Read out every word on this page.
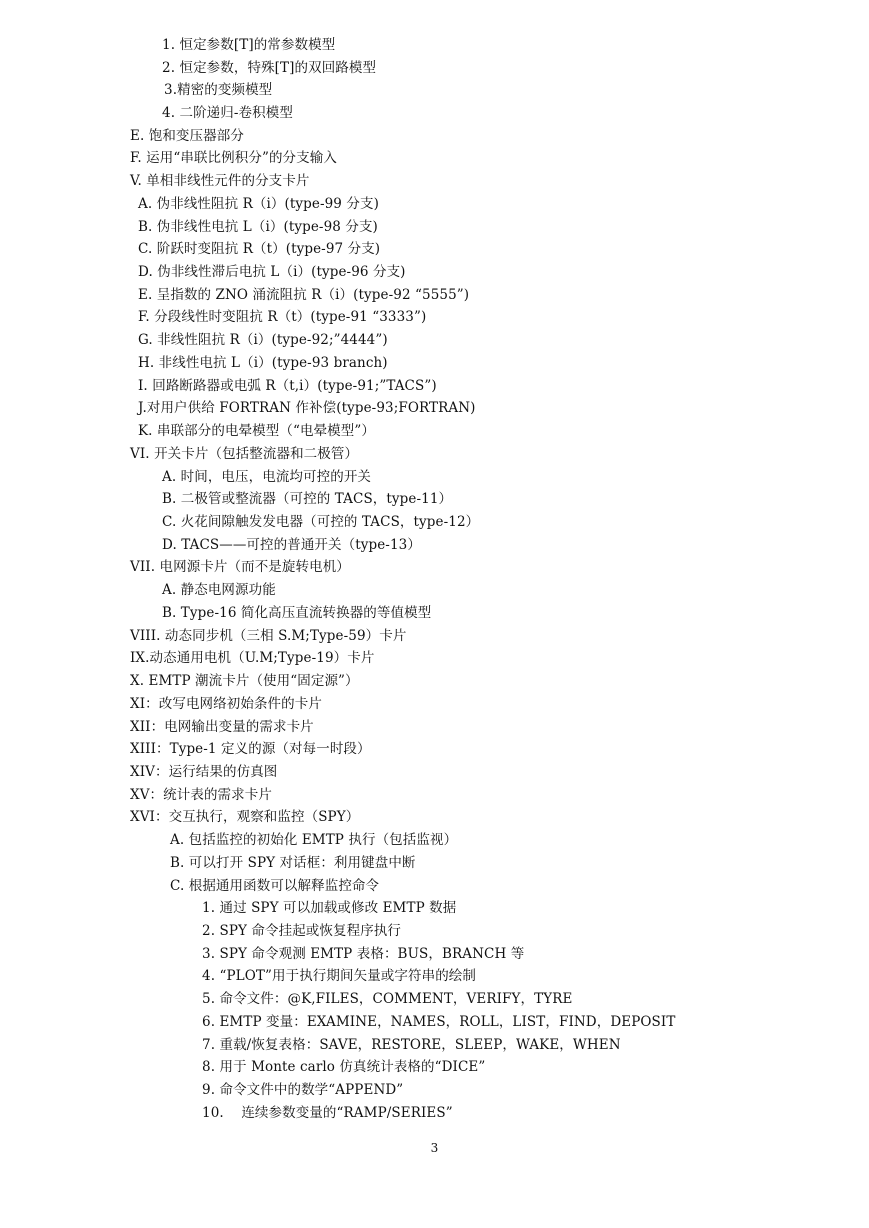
1. 恒定参数[T]的常参数模型
2. 恒定参数，特殊[T]的双回路模型
3.精密的变频模型
4. 二阶递归-卷积模型
E. 饱和变压器部分
F. 运用“串联比例积分”的分支输入
V. 单相非线性元件的分支卡片
A. 伪非线性阻抗 R（i）(type-99 分支)
B. 伪非线性电抗 L（i）(type-98 分支)
C. 阶跃时变阻抗 R（t）(type-97 分支)
D. 伪非线性滞后电抗 L（i）(type-96 分支)
E. 呈指数的 ZNO 涌流阻抗 R（i）(type-92 “5555”)
F. 分段线性时变阻抗 R（t）(type-91 “3333”)
G. 非线性阻抗 R（i）(type-92;”4444”)
H. 非线性电抗 L（i）(type-93 branch)
I. 回路断路器或电弧 R（t,i）(type-91;”TACS”)
J.对用户供给 FORTRAN 作补偿(type-93;FORTRAN)
K. 串联部分的电晕模型（“电晕模型”）
VI. 开关卡片（包括整流器和二极管）
A. 时间，电压，电流均可控的开关
B. 二极管或整流器（可控的 TACS，type-11）
C. 火花间隙触发发电器（可控的 TACS，type-12）
D. TACS——可控的普通开关（type-13）
VII. 电网源卡片（而不是旋转电机）
A. 静态电网源功能
B. Type-16 简化高压直流转换器的等值模型
VIII. 动态同步机（三相 S.M;Type-59）卡片
IX.动态通用电机（U.M;Type-19）卡片
X. EMTP 潮流卡片（使用“固定源”）
XI：改写电网络初始条件的卡片
XII：电网输出变量的需求卡片
XIII：Type-1 定义的源（对每一时段）
XIV：运行结果的仿真图
XV：统计表的需求卡片
XVI：交互执行，观察和监控（SPY）
A. 包括监控的初始化 EMTP 执行（包括监视）
B. 可以打开 SPY 对话框：利用键盘中断
C. 根据通用函数可以解释监控命令
1. 通过 SPY 可以加载或修改 EMTP 数据
2. SPY 命令挂起或恢复程序执行
3. SPY 命令观测 EMTP 表格：BUS，BRANCH 等
4. “PLOT”用于执行期间矢量或字符串的绘制
5. 命令文件：@K,FILES，COMMENT，VERIFY，TYRE
6. EMTP 变量：EXAMINE，NAMES，ROLL，LIST，FIND，DEPOSIT
7. 重载/恢复表格：SAVE，RESTORE，SLEEP，WAKE，WHEN
8. 用于 Monte carlo 仿真统计表格的“DICE”
9. 命令文件中的数学“APPEND”
10.    连续参数变量的“RAMP/SERIES”
3
